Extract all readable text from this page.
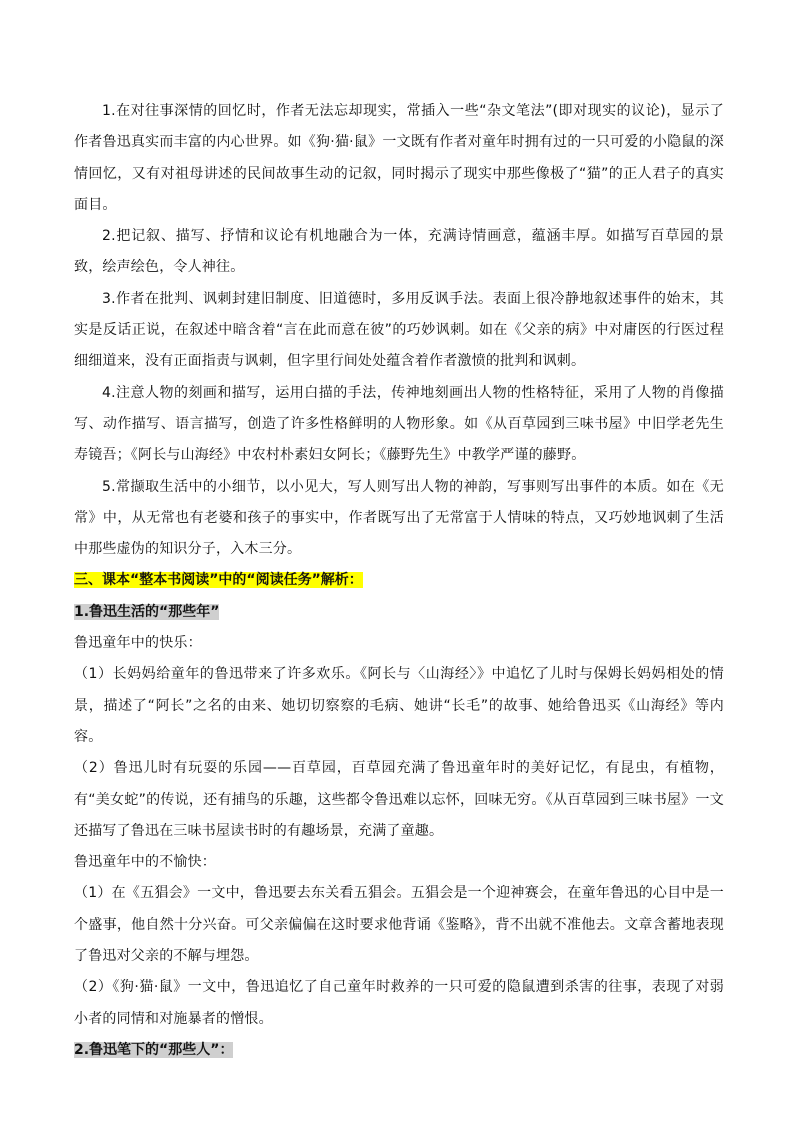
1.在对往事深情的回忆时，作者无法忘却现实，常插入一些“杂文笔法”(即对现实的议论)，显示了作者鲁迅真实而丰富的内心世界。如《狗·猫·鼠》一文既有作者对童年时拥有过的一只可爱的小隐鼠的深情回忆，又有对祖母讲述的民间故事生动的记叙，同时揭示了现实中那些像极了“猫”的正人君子的真实面目。

2.把记叙、描写、抒情和议论有机地融合为一体，充满诗情画意，蕴涵丰厚。如描写百草园的景致，绘声绘色，令人神往。

3.作者在批判、讽刺封建旧制度、旧道德时，多用反讽手法。表面上很冷静地叙述事件的始末，其实是反话正说，在叙述中暗含着“言在此而意在彼”的巧妙讽刺。如在《父亲的病》中对庸医的行医过程细细道来，没有正面指责与讽刺，但字里行间处处蕴含着作者激愤的批判和讽刺。

4.注意人物的刻画和描写，运用白描的手法，传神地刻画出人物的性格特征，采用了人物的肖像描写、动作描写、语言描写，创造了许多性格鲜明的人物形象。如《从百草园到三味书屋》中旧学老先生寿镜吾；《阿长与山海经》中农村朴素妇女阿长；《藤野先生》中教学严谨的藤野。

5.常撷取生活中的小细节，以小见大，写人则写出人物的神韵，写事则写出事件的本质。如在《无常》中，从无常也有老婆和孩子的事实中，作者既写出了无常富于人情味的特点，又巧妙地讽刺了生活中那些虚伪的知识分子，入木三分。

三、课本“整本书阅读”中的“阅读任务”解析：

1.鲁迅生活的“那些年”

鲁迅童年中的快乐：

（1）长妈妈给童年的鲁迅带来了许多欢乐。《阿长与〈山海经〉》中追忆了儿时与保姆长妈妈相处的情景，描述了“阿长”之名的由来、她切切察察的毛病、她讲“长毛”的故事、她给鲁迅买《山海经》等内容。

（2）鲁迅儿时有玩耍的乐园——百草园，百草园充满了鲁迅童年时的美好记忆，有昆虫，有植物，有“美女蛇”的传说，还有捕鸟的乐趣，这些都令鲁迅难以忘怀，回味无穷。《从百草园到三味书屋》一文还描写了鲁迅在三味书屋读书时的有趣场景，充满了童趣。

鲁迅童年中的不愉快：

（1）在《五猖会》一文中，鲁迅要去东关看五猖会。五猖会是一个迎神赛会，在童年鲁迅的心目中是一个盛事，他自然十分兴奋。可父亲偏偏在这时要求他背诵《鉴略》，背不出就不准他去。文章含蓄地表现了鲁迅对父亲的不解与埋怨。

（2）《狗·猫·鼠》一文中，鲁迅追忆了自己童年时救养的一只可爱的隐鼠遭到杀害的往事，表现了对弱小者的同情和对施暴者的憎恨。

2.鲁迅笔下的“那些人”：
